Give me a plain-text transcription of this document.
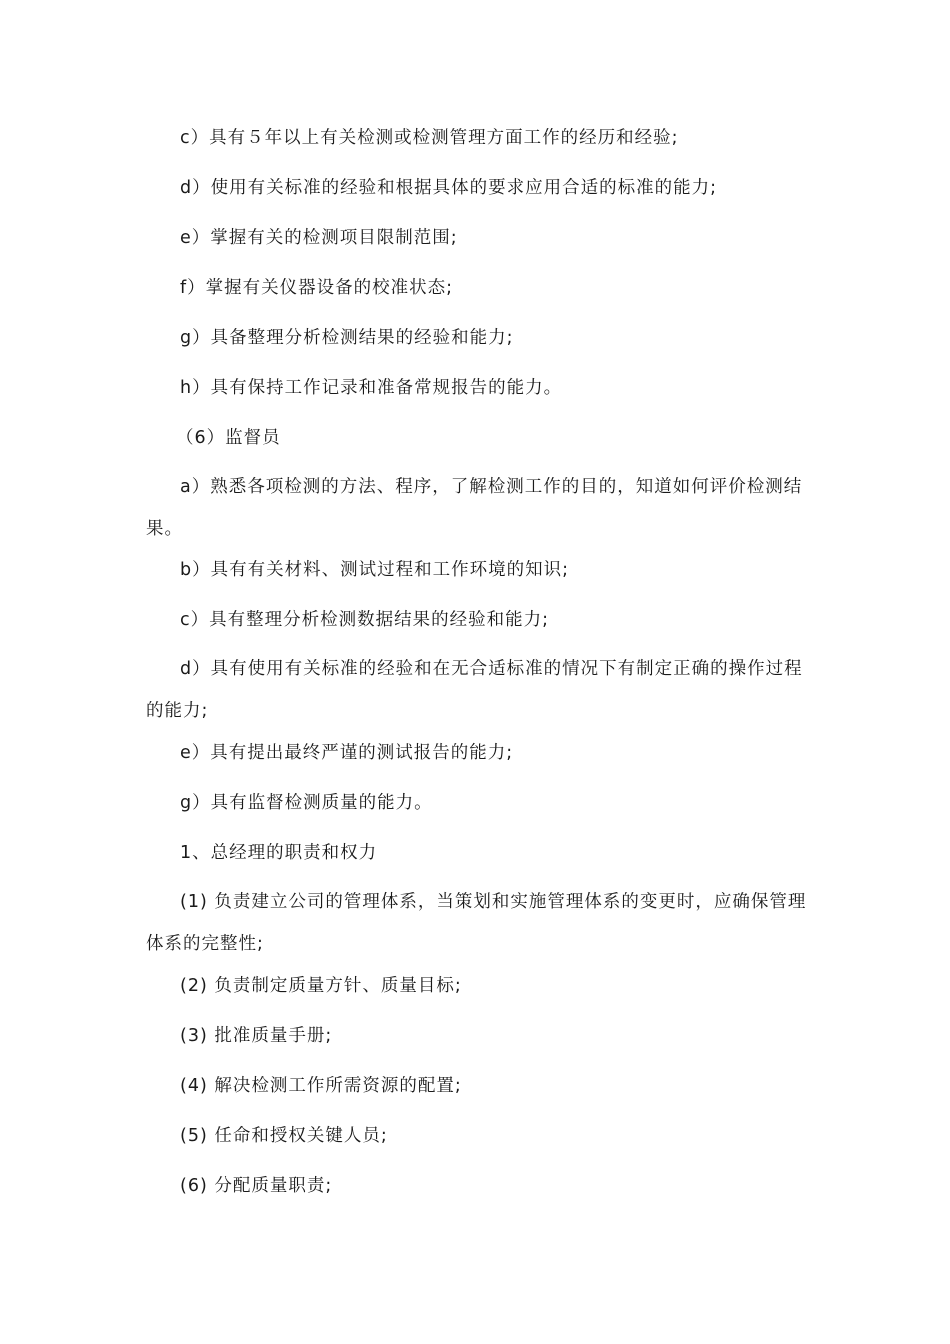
c）具有５年以上有关检测或检测管理方面工作的经历和经验;

d）使用有关标准的经验和根据具体的要求应用合适的标准的能力;

e）掌握有关的检测项目限制范围;

f）掌握有关仪器设备的校准状态;

g）具备整理分析检测结果的经验和能力;

h）具有保持工作记录和准备常规报告的能力。

（6）监督员

a）熟悉各项检测的方法、程序，了解检测工作的目的，知道如何评价检测结果。

b）具有有关材料、测试过程和工作环境的知识;

c）具有整理分析检测数据结果的经验和能力;

d）具有使用有关标准的经验和在无合适标准的情况下有制定正确的操作过程的能力;

e）具有提出最终严谨的测试报告的能力;

g）具有监督检测质量的能力。

1、总经理的职责和权力

(1) 负责建立公司的管理体系，当策划和实施管理体系的变更时，应确保管理体系的完整性;

(2) 负责制定质量方针、质量目标;

(3) 批准质量手册;

(4) 解决检测工作所需资源的配置;

(5) 任命和授权关键人员;

(6) 分配质量职责;
